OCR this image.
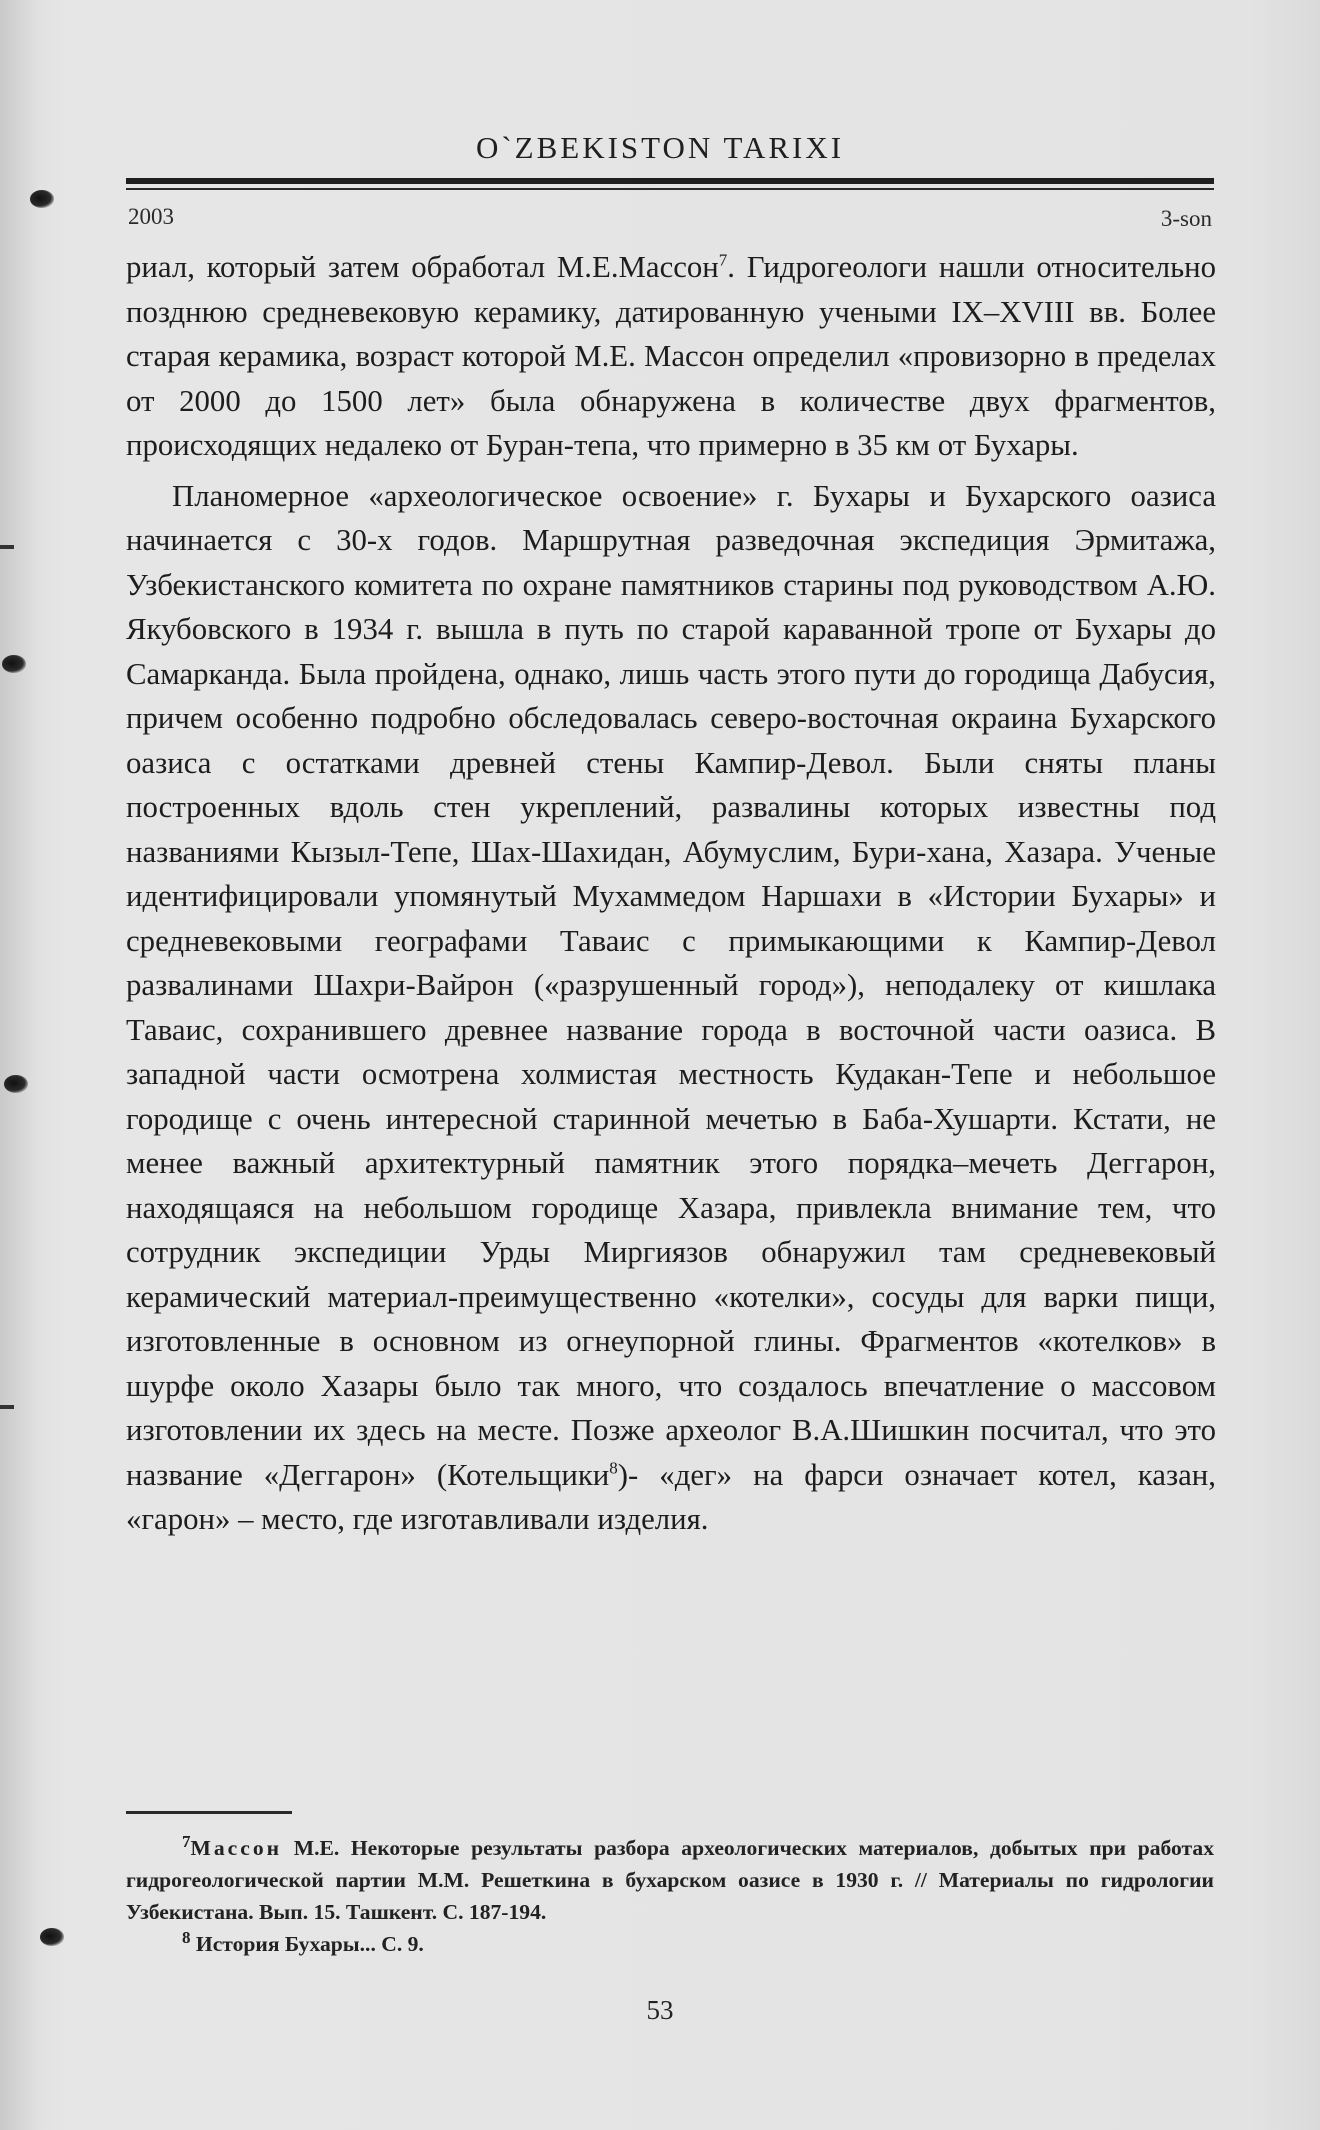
O`ZBEKISTON TARIXI
2003	3-son

риал, который затем обработал М.Е.Массон$^7$. Гидрогеологи нашли относительно позднюю средневековую керамику, датированную учеными IX–XVIII вв. Более старая керамика, возраст которой М.Е. Массон определил «провизорно в пределах от 2000 до 1500 лет» была обнаружена в количестве двух фрагментов, происходящих недалеко от Буран-тепа, что примерно в 35 км от Бухары.

Планомерное «археологическое освоение» г. Бухары и Бухарского оазиса начинается с 30-х годов. Маршрутная разведочная экспедиция Эрмитажа, Узбекистанского комитета по охране памятников старины под руководством А.Ю. Якубовского в 1934 г. вышла в путь по старой караванной тропе от Бухары до Самарканда. Была пройдена, однако, лишь часть этого пути до городища Дабусия, причем особенно подробно обследовалась северо-восточная окраина Бухарского оазиса с остатками древней стены Кампир-Девол. Были сняты планы построенных вдоль стен укреплений, развалины которых известны под названиями Кызыл-Тепе, Шах-Шахидан, Абумуслим, Бури-хана, Хазара. Ученые идентифицировали упомянутый Мухаммедом Наршахи в «Истории Бухары» и средневековыми географами Таваис с примыкающими к Кампир-Девол развалинами Шахри-Вайрон («разрушенный город»), неподалеку от кишлака Таваис, сохранившего древнее название города в восточной части оазиса. В западной части осмотрена холмистая местность Кудакан-Тепе и небольшое городище с очень интересной старинной мечетью в Баба-Хушарти. Кстати, не менее важный архитектурный памятник этого порядка–мечеть Деггарон, находящаяся на небольшом городище Хазара, привлекла внимание тем, что сотрудник экспедиции Урды Миргиязов обнаружил там средневековый керамический материал-преимущественно «котелки», сосуды для варки пищи, изготовленные в основном из огнеупорной глины. Фрагментов «котелков» в шурфе около Хазары было так много, что создалось впечатление о массовом изготовлении их здесь на месте. Позже археолог В.А.Шишкин посчитал, что это название «Деггарон» (Котельщики$^8$)- «дег» на фарси означает котел, казан, «гарон» – место, где изготавливали изделия.

$^7$Массон М.Е. Некоторые результаты разбора археологических материалов, добытых при работах гидрогеологической партии М.М. Решеткина в бухарском оазисе в 1930 г. // Материалы по гидрологии Узбекистана. Вып. 15. Ташкент. С. 187-194.

$^8$ История Бухары... С. 9.

53
